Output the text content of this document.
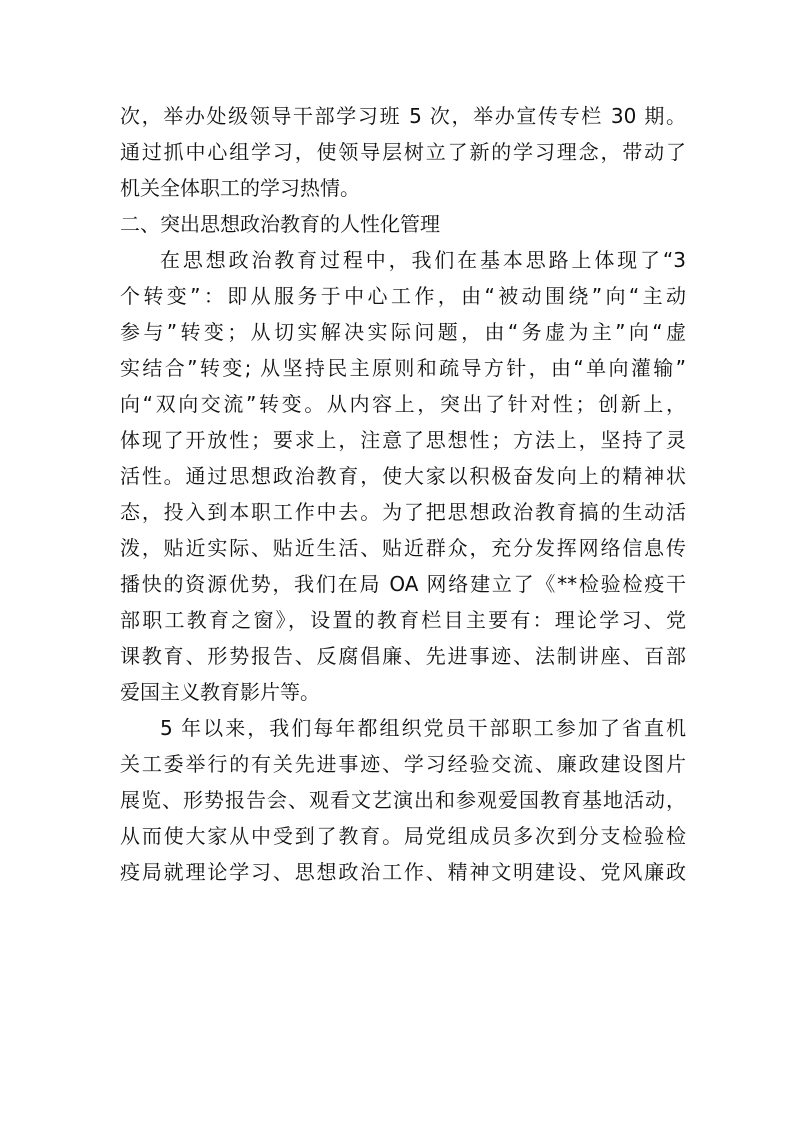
次，举办处级领导干部学习班 5 次，举办宣传专栏 30 期。
通过抓中心组学习，使领导层树立了新的学习理念，带动了
机关全体职工的学习热情。
二、突出思想政治教育的人性化管理
在思想政治教育过程中，我们在基本思路上体现了“3
个转变”：即从服务于中心工作，由“被动围绕”向“主动
参与”转变；从切实解决实际问题，由“务虚为主”向“虚
实结合”转变; 从坚持民主原则和疏导方针，由“单向灌输”
向“双向交流”转变。从内容上，突出了针对性；创新上，
体现了开放性；要求上，注意了思想性；方法上，坚持了灵
活性。通过思想政治教育，使大家以积极奋发向上的精神状
态，投入到本职工作中去。为了把思想政治教育搞的生动活
泼，贴近实际、贴近生活、贴近群众，充分发挥网络信息传
播快的资源优势，我们在局 OA 网络建立了《**检验检疫干
部职工教育之窗》，设置的教育栏目主要有：理论学习、党
课教育、形势报告、反腐倡廉、先进事迹、法制讲座、百部
爱国主义教育影片等。
5 年以来，我们每年都组织党员干部职工参加了省直机
关工委举行的有关先进事迹、学习经验交流、廉政建设图片
展览、形势报告会、观看文艺演出和参观爱国教育基地活动，
从而使大家从中受到了教育。局党组成员多次到分支检验检
疫局就理论学习、思想政治工作、精神文明建设、党风廉政
